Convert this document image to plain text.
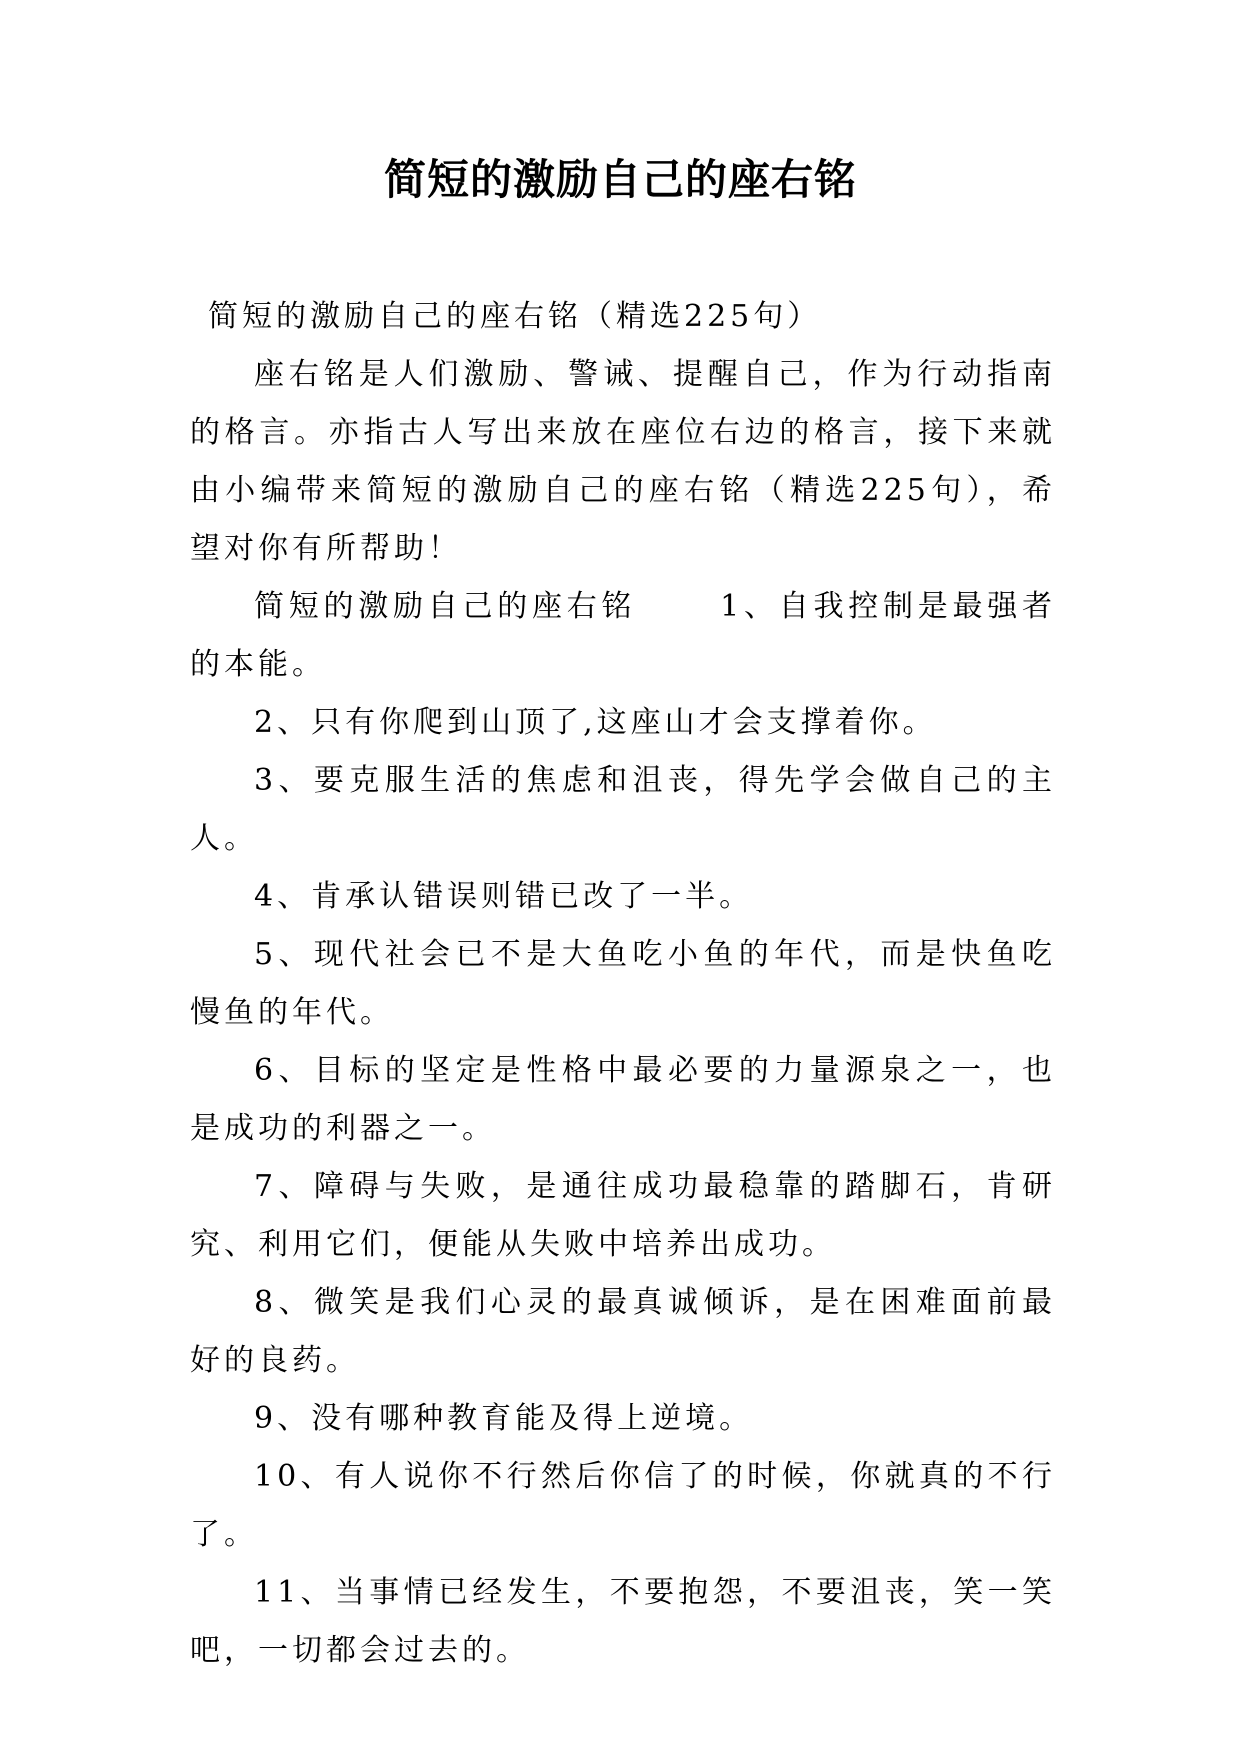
简短的激励自己的座右铭

简短的激励自己的座右铭（精选225句）

座右铭是人们激励、警诫、提醒自己，作为行动指南的格言。亦指古人写出来放在座位右边的格言，接下来就由小编带来简短的激励自己的座右铭（精选225句），希望对你有所帮助！

简短的激励自己的座右铭　　 1、自我控制是最强者的本能。

2、只有你爬到山顶了,这座山才会支撑着你。

3、要克服生活的焦虑和沮丧，得先学会做自己的主人。

4、肯承认错误则错已改了一半。

5、现代社会已不是大鱼吃小鱼的年代，而是快鱼吃慢鱼的年代。

6、目标的坚定是性格中最必要的力量源泉之一，也是成功的利器之一。

7、障碍与失败，是通往成功最稳靠的踏脚石，肯研究、利用它们，便能从失败中培养出成功。

8、微笑是我们心灵的最真诚倾诉，是在困难面前最好的良药。

9、没有哪种教育能及得上逆境。

10、有人说你不行然后你信了的时候，你就真的不行了。

11、当事情已经发生，不要抱怨，不要沮丧，笑一笑吧，一切都会过去的。
